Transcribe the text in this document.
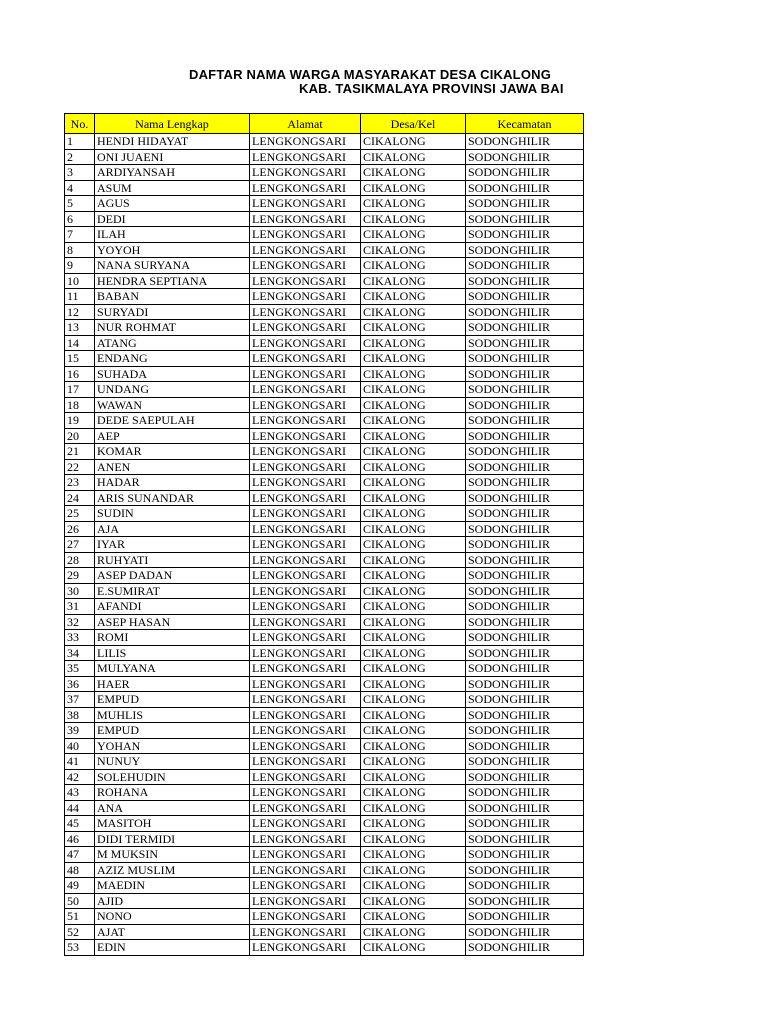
DAFTAR NAMA WARGA MASYARAKAT DESA CIKALONG
KAB. TASIKMALAYA PROVINSI JAWA BAI
No.	Nama Lengkap	Alamat	Desa/Kel	Kecamatan
1	HENDI HIDAYAT	LENGKONGSARI	CIKALONG	SODONGHILIR
2	ONI JUAENI	LENGKONGSARI	CIKALONG	SODONGHILIR
3	ARDIYANSAH	LENGKONGSARI	CIKALONG	SODONGHILIR
4	ASUM	LENGKONGSARI	CIKALONG	SODONGHILIR
5	AGUS	LENGKONGSARI	CIKALONG	SODONGHILIR
6	DEDI	LENGKONGSARI	CIKALONG	SODONGHILIR
7	ILAH	LENGKONGSARI	CIKALONG	SODONGHILIR
8	YOYOH	LENGKONGSARI	CIKALONG	SODONGHILIR
9	NANA SURYANA	LENGKONGSARI	CIKALONG	SODONGHILIR
10	HENDRA SEPTIANA	LENGKONGSARI	CIKALONG	SODONGHILIR
11	BABAN	LENGKONGSARI	CIKALONG	SODONGHILIR
12	SURYADI	LENGKONGSARI	CIKALONG	SODONGHILIR
13	NUR ROHMAT	LENGKONGSARI	CIKALONG	SODONGHILIR
14	ATANG	LENGKONGSARI	CIKALONG	SODONGHILIR
15	ENDANG	LENGKONGSARI	CIKALONG	SODONGHILIR
16	SUHADA	LENGKONGSARI	CIKALONG	SODONGHILIR
17	UNDANG	LENGKONGSARI	CIKALONG	SODONGHILIR
18	WAWAN	LENGKONGSARI	CIKALONG	SODONGHILIR
19	DEDE SAEPULAH	LENGKONGSARI	CIKALONG	SODONGHILIR
20	AEP	LENGKONGSARI	CIKALONG	SODONGHILIR
21	KOMAR	LENGKONGSARI	CIKALONG	SODONGHILIR
22	ANEN	LENGKONGSARI	CIKALONG	SODONGHILIR
23	HADAR	LENGKONGSARI	CIKALONG	SODONGHILIR
24	ARIS SUNANDAR	LENGKONGSARI	CIKALONG	SODONGHILIR
25	SUDIN	LENGKONGSARI	CIKALONG	SODONGHILIR
26	AJA	LENGKONGSARI	CIKALONG	SODONGHILIR
27	IYAR	LENGKONGSARI	CIKALONG	SODONGHILIR
28	RUHYATI	LENGKONGSARI	CIKALONG	SODONGHILIR
29	ASEP DADAN	LENGKONGSARI	CIKALONG	SODONGHILIR
30	E.SUMIRAT	LENGKONGSARI	CIKALONG	SODONGHILIR
31	AFANDI	LENGKONGSARI	CIKALONG	SODONGHILIR
32	ASEP HASAN	LENGKONGSARI	CIKALONG	SODONGHILIR
33	ROMI	LENGKONGSARI	CIKALONG	SODONGHILIR
34	LILIS	LENGKONGSARI	CIKALONG	SODONGHILIR
35	MULYANA	LENGKONGSARI	CIKALONG	SODONGHILIR
36	HAER	LENGKONGSARI	CIKALONG	SODONGHILIR
37	EMPUD	LENGKONGSARI	CIKALONG	SODONGHILIR
38	MUHLIS	LENGKONGSARI	CIKALONG	SODONGHILIR
39	EMPUD	LENGKONGSARI	CIKALONG	SODONGHILIR
40	YOHAN	LENGKONGSARI	CIKALONG	SODONGHILIR
41	NUNUY	LENGKONGSARI	CIKALONG	SODONGHILIR
42	SOLEHUDIN	LENGKONGSARI	CIKALONG	SODONGHILIR
43	ROHANA	LENGKONGSARI	CIKALONG	SODONGHILIR
44	ANA	LENGKONGSARI	CIKALONG	SODONGHILIR
45	MASITOH	LENGKONGSARI	CIKALONG	SODONGHILIR
46	DIDI TERMIDI	LENGKONGSARI	CIKALONG	SODONGHILIR
47	M MUKSIN	LENGKONGSARI	CIKALONG	SODONGHILIR
48	AZIZ MUSLIM	LENGKONGSARI	CIKALONG	SODONGHILIR
49	MAEDIN	LENGKONGSARI	CIKALONG	SODONGHILIR
50	AJID	LENGKONGSARI	CIKALONG	SODONGHILIR
51	NONO	LENGKONGSARI	CIKALONG	SODONGHILIR
52	AJAT	LENGKONGSARI	CIKALONG	SODONGHILIR
53	EDIN	LENGKONGSARI	CIKALONG	SODONGHILIR
